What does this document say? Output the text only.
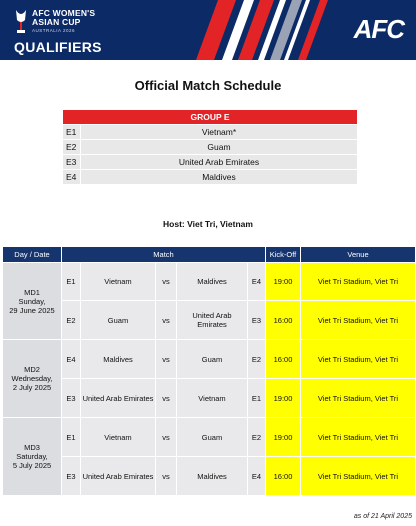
AFC WOMEN'S
ASIAN CUP
AUSTRALIA 2026
QUALIFIERS
AFC
Official Match Schedule
GROUP E
E1	Vietnam*
E2	Guam
E3	United Arab Emirates
E4	Maldives
Host: Viet Tri, Vietnam
Day / Date	Match	Kick-Off	Venue
MD1
Sunday,
29 June 2025
E1	Vietnam	vs	Maldives	E4	19:00	Viet Tri Stadium, Viet Tri
E2	Guam	vs	United Arab Emirates	E3	16:00	Viet Tri Stadium, Viet Tri
MD2
Wednesday,
2 July 2025
E4	Maldives	vs	Guam	E2	16:00	Viet Tri Stadium, Viet Tri
E3 United Arab Emirates	vs	Vietnam	E1	19:00	Viet Tri Stadium, Viet Tri
MD3
Saturday,
5 July 2025
E1	Vietnam	vs	Guam	E2	19:00	Viet Tri Stadium, Viet Tri
E3 United Arab Emirates	vs	Maldives	E4	16:00	Viet Tri Stadium, Viet Tri
as of 21 April 2025
